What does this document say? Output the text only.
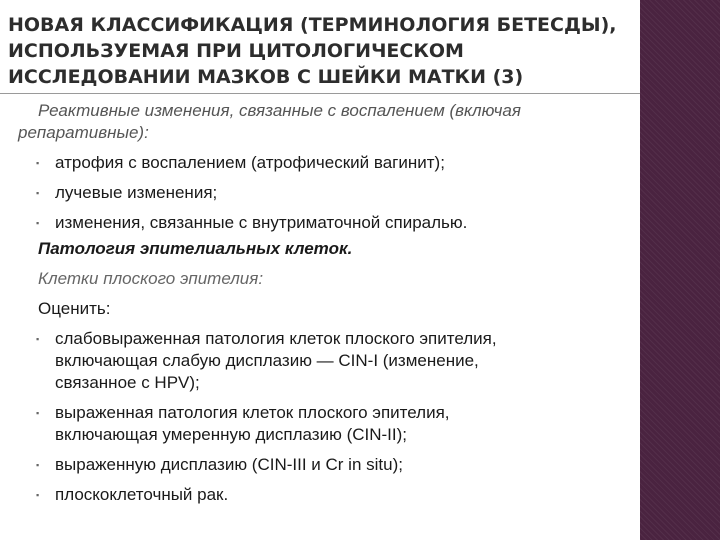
НОВАЯ КЛАССИФИКАЦИЯ (ТЕРМИНОЛОГИЯ БЕТЕСДЫ),
ИСПОЛЬЗУЕМАЯ ПРИ ЦИТОЛОГИЧЕСКОМ
ИССЛЕДОВАНИИ МАЗКОВ С ШЕЙКИ МАТКИ (3)
Реактивные изменения, связанные с воспалением (включая
репаративные):
▪ атрофия с воспалением (атрофический вагинит);
▪ лучевые изменения;
▪ изменения, связанные с внутриматочной спиралью.
Патология эпителиальных клеток.
Клетки плоского эпителия:
Оценить:
▪ слабовыраженная патология клеток плоского эпителия,
включающая слабую дисплазию — CIN-I (изменение,
связанное с HPV);
▪ выраженная патология клеток плоского эпителия,
включающая умеренную дисплазию (CIN-II);
▪ выраженную дисплазию (CIN-III и Cr in situ);
▪ плоскоклеточный рак.
